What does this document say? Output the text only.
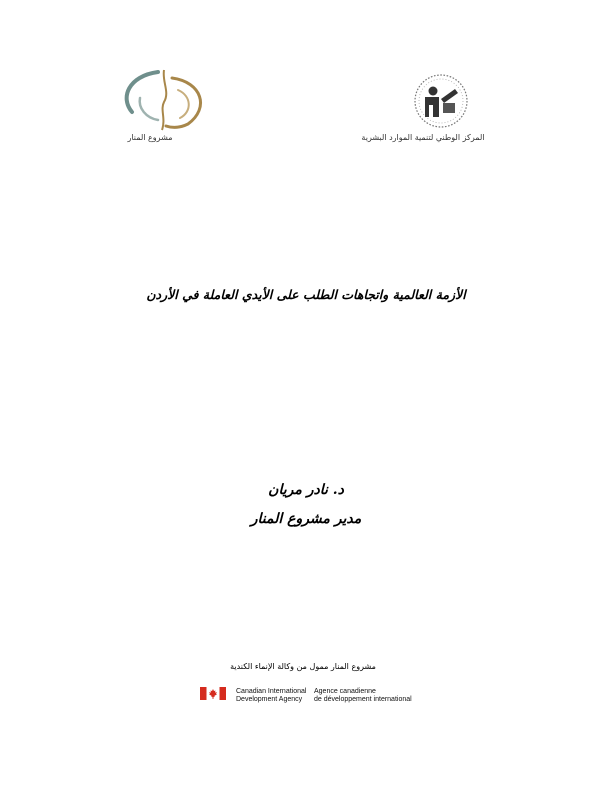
مشروع المنار	المركز الوطني لتنمية الموارد البشرية
الأزمة العالمية واتجاهات الطلب على الأيدي العاملة في الأردن
د. نادر مريان
مدير مشروع المنار
مشروع المنار ممول من وكالة الإنماء الكندية
Canadian International
Development Agency
Agence canadienne
de développement international
